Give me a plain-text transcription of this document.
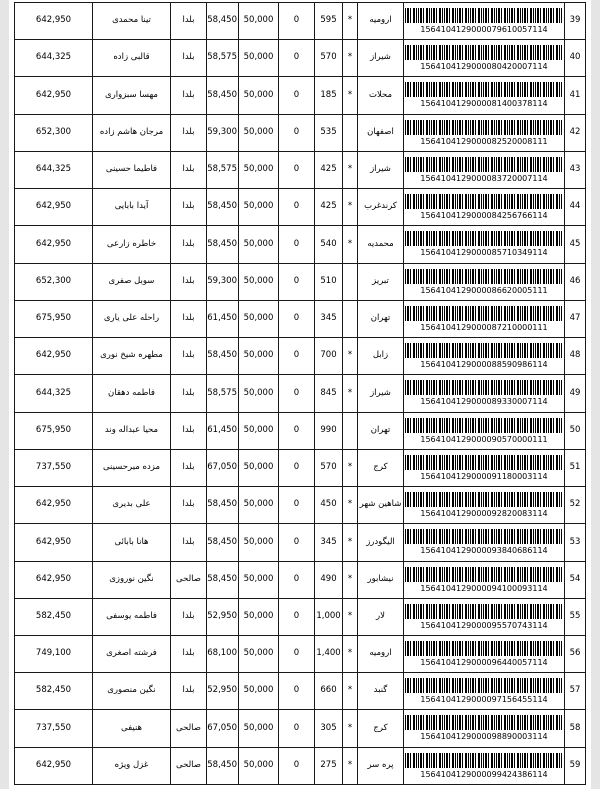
39	1564104129000079610057114	ارومیه	*	595	0	50,000	58,450	بلدا	تینا محمدی	642,950
40	1564104129000080420007114	شیراز	*	570	0	50,000	58,575	بلدا	قالبی زاده	644,325
41	1564104129000081400378114	محلات	*	185	0	50,000	58,450	بلدا	مهسا سبزواری	642,950
42	1564104129000082520008111	اصفهان		535	0	50,000	59,300	بلدا	مرجان هاشم زاده	652,300
43	1564104129000083720007114	شیراز	*	425	0	50,000	58,575	بلدا	فاطیما حسینی	644,325
44	1564104129000084256766114	کرندغرب	*	425	0	50,000	58,450	بلدا	آیدا بابایی	642,950
45	1564104129000085710349114	محمدیه	*	540	0	50,000	58,450	بلدا	خاطره زارعی	642,950
46	1564104129000086620005111	تبریز		510	0	50,000	59,300	بلدا	سوبل صفری	652,300
47	1564104129000087210000111	تهران		345	0	50,000	61,450	بلدا	راحله علی یاری	675,950
48	1564104129000088590986114	زابل	*	700	0	50,000	58,450	بلدا	مطهره شیخ نوری	642,950
49	1564104129000089330007114	شیراز	*	845	0	50,000	58,575	بلدا	فاطمه دهقان	644,325
50	1564104129000090570000111	تهران		990	0	50,000	61,450	بلدا	محیا عبداله وند	675,950
51	1564104129000091180003114	کرج	*	570	0	50,000	67,050	بلدا	مزده میرحسینی	737,550
52	1564104129000092820083114	شاهین شهر	*	450	0	50,000	58,450	بلدا	علی بدیری	642,950
53	1564104129000093840686114	الیگودرز	*	345	0	50,000	58,450	بلدا	هانا بابائی	642,950
54	1564104129000094100093114	نیشابور	*	490	0	50,000	58,450	صالحی	نگین نوروزی	642,950
55	1564104129000095570743114	لار	*	1,000	0	50,000	52,950	بلدا	فاطمه یوسفی	582,450
56	1564104129000096440057114	ارومیه	*	1,400	0	50,000	68,100	بلدا	فرشته اصغری	749,100
57	1564104129000097156455114	گنبد	*	660	0	50,000	52,950	بلدا	نگین منصوری	582,450
58	1564104129000098890003114	کرج	*	305	0	50,000	67,050	صالحی	هنیفی	737,550
59	1564104129000099424386114	پره سر	*	275	0	50,000	58,450	صالحی	غزل ویژه	642,950
